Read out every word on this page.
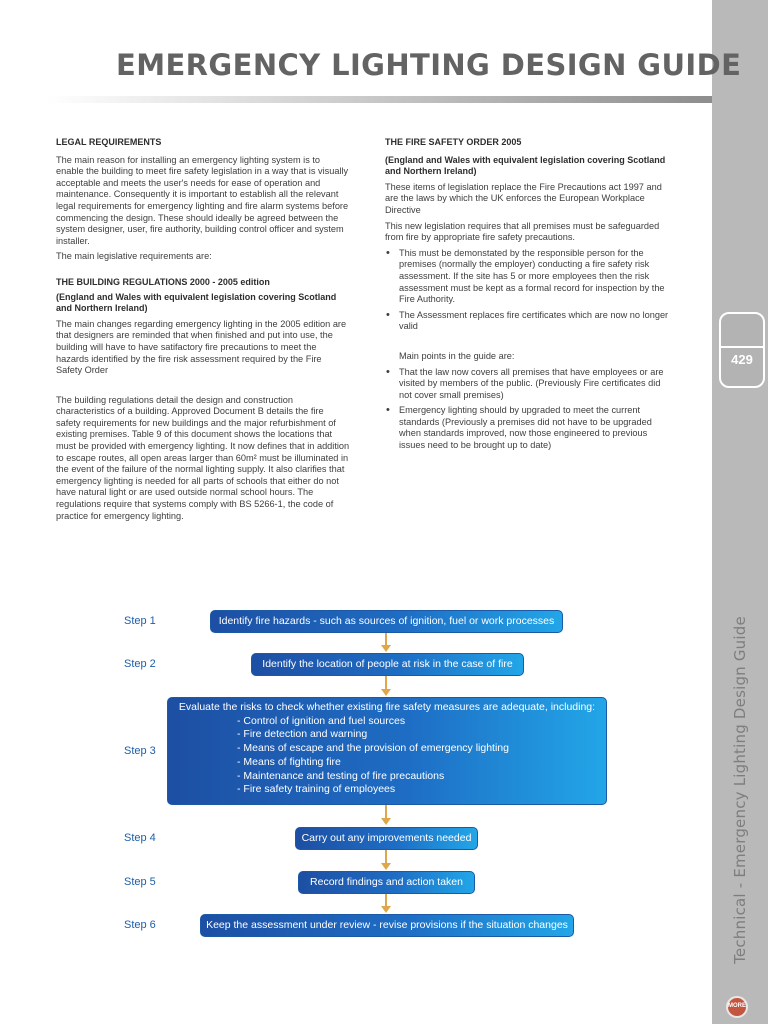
429
Technical - Emergency Lighting Design Guide
MORE
EMERGENCY LIGHTING DESIGN GUIDE
LEGAL REQUIREMENTS

The main reason for installing an emergency lighting system is to enable the building to meet fire safety legislation in a way that is visually acceptable and meets the user's needs for ease of operation and maintenance. Consequently it is important to establish all the relevant legal requirements for emergency lighting and fire alarm systems before commencing the design. These should ideally be agreed between the system designer, user, fire authority, building control officer and system installer.

The main legislative requirements are:

THE BUILDING REGULATIONS 2000 - 2005 edition
(England and Wales with equivalent legislation covering Scotland and Northern Ireland)

The main changes regarding emergency lighting in the 2005 edition are that designers are reminded that when finished and put into use, the building will have to have satifactory fire precautions to meet the hazards identified by the fire risk assessment required by the Fire Safety Order

The building regulations detail the design and construction characteristics of a building. Approved Document B details the fire safety requirements for new buildings and the major refurbishment of existing premises. Table 9 of this document shows the locations that must be provided with emergency lighting. It now defines that in addition to escape routes, all open areas larger than 60m² must be illuminated in the event of the failure of the normal lighting supply. It also clarifies that emergency lighting is needed for all parts of schools that either do not have natural light or are used outside normal school hours. The regulations require that systems comply with BS 5266-1, the code of practice for emergency lighting.

THE FIRE SAFETY ORDER 2005
(England and Wales with equivalent legislation covering Scotland and Northern Ireland)

These items of legislation replace the Fire Precautions act 1997 and are the laws by which the UK enforces the European Workplace Directive

This new legislation requires that all premises must be safeguarded from fire by appropriate fire safety precautions.

• This must be demonstated by the responsible person for the premises (normally the employer) conducting a fire safety risk assessment. If the site has 5 or more employees then the risk assessment must be kept as a formal record for inspection by the Fire Authority.
• The Assessment replaces fire certificates which are now no longer valid

Main points in the guide are:

• That the law now covers all premises that have employees or are visited by members of the public. (Previously Fire certificates did not cover small premises)
• Emergency lighting should by upgraded to meet the current standards (Previously a premises did not have to be upgraded when standards improved, now those engineered to previous issues need to be brought up to date)
Step 1	Identify fire hazards - such as sources of ignition, fuel or work processes
Step 2	Identify the location of people at risk in the case of fire
Step 3
Evaluate the risks to check whether existing fire safety measures are adequate, including:
- Control of ignition and fuel sources
- Fire detection and warning
- Means of escape and the provision of emergency lighting
- Means of fighting fire
- Maintenance and testing of fire precautions
- Fire safety training of employees
Step 4	Carry out any improvements needed
Step 5	Record findings and action taken
Step 6	Keep the assessment under review - revise provisions if the situation changes
